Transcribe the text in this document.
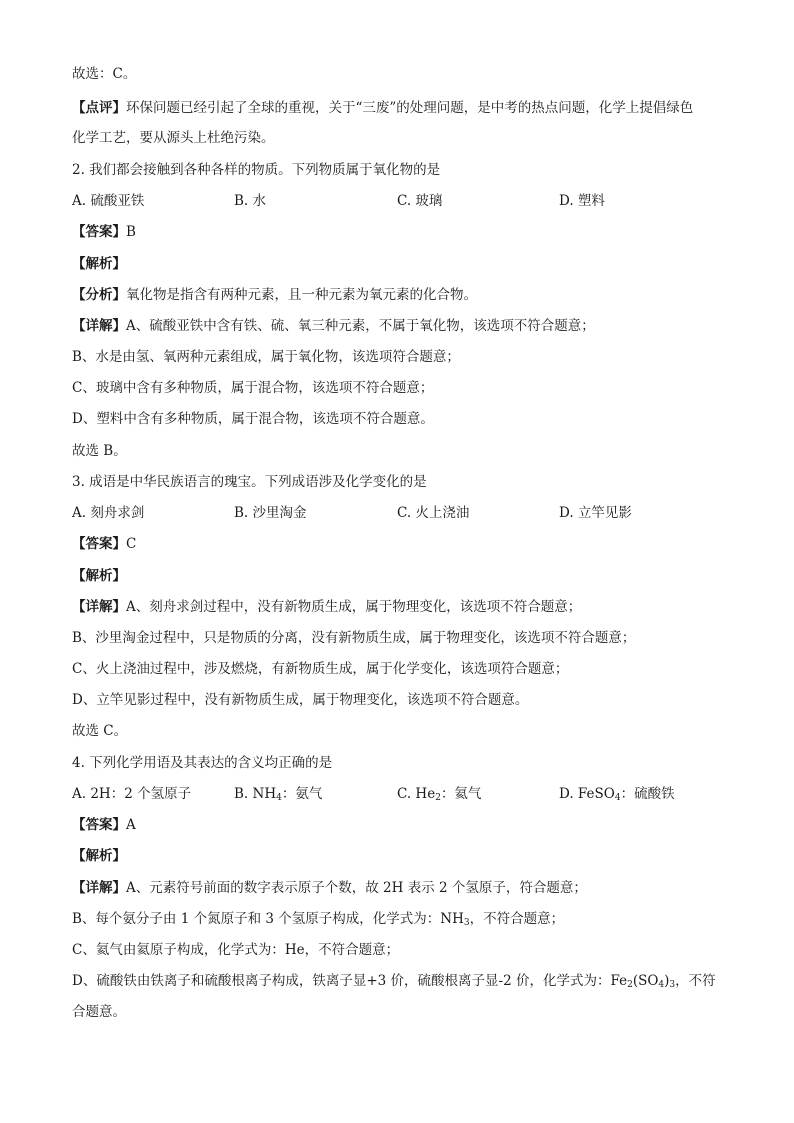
故选：C。
【点评】环保问题已经引起了全球的重视，关于“三废”的处理问题，是中考的热点问题，化学上提倡绿色
化学工艺，要从源头上杜绝污染。
2. 我们都会接触到各种各样的物质。下列物质属于氧化物的是
A. 硫酸亚铁	B. 水	C. 玻璃	D. 塑料
【答案】B
【解析】
【分析】氧化物是指含有两种元素，且一种元素为氧元素的化合物。
【详解】A、硫酸亚铁中含有铁、硫、氧三种元素，不属于氧化物，该选项不符合题意；
B、水是由氢、氧两种元素组成，属于氧化物，该选项符合题意；
C、玻璃中含有多种物质，属于混合物，该选项不符合题意；
D、塑料中含有多种物质，属于混合物，该选项不符合题意。
故选 B。
3. 成语是中华民族语言的瑰宝。下列成语涉及化学变化的是
A. 刻舟求剑	B. 沙里淘金	C. 火上浇油	D. 立竿见影
【答案】C
【解析】
【详解】A、刻舟求剑过程中，没有新物质生成，属于物理变化，该选项不符合题意；
B、沙里淘金过程中，只是物质的分离，没有新物质生成，属于物理变化，该选项不符合题意；
C、火上浇油过程中，涉及燃烧，有新物质生成，属于化学变化，该选项符合题意；
D、立竿见影过程中，没有新物质生成，属于物理变化，该选项不符合题意。
故选 C。
4. 下列化学用语及其表达的含义均正确的是
A. 2H：2 个氢原子	B. $NH_4$：氨气	C. $He_2$：氦气	D. FeSO$_4$：硫酸铁
【答案】A
【解析】
【详解】A、元素符号前面的数字表示原子个数，故 2H 表示 2 个氢原子，符合题意；
B、每个氨分子由 1 个氮原子和 3 个氢原子构成，化学式为：$NH_3$，不符合题意；
C、氦气由氦原子构成，化学式为：He，不符合题意；
D、硫酸铁由铁离子和硫酸根离子构成，铁离子显+3 价，硫酸根离子显-2 价，化学式为：$Fe_2(SO_4)_3$，不符
合题意。
